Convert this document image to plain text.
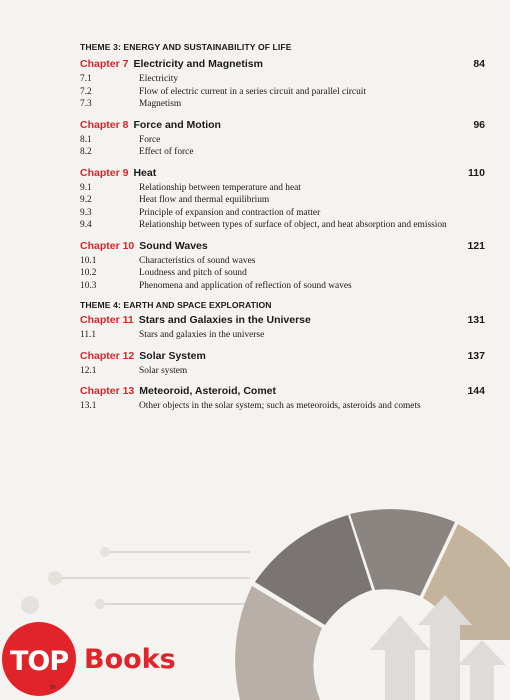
THEME 3: ENERGY AND SUSTAINABILITY OF LIFE
Chapter 7 Electricity and Magnetism	84
7.1	Electricity
7.2	Flow of electric current in a series circuit and parallel circuit
7.3	Magnetism
Chapter 8 Force and Motion	96
8.1	Force
8.2	Effect of force
Chapter 9 Heat	110
9.1	Relationship between temperature and heat
9.2	Heat flow and thermal equilibrium
9.3	Principle of expansion and contraction of matter
9.4	Relationship between types of surface of object, and heat absorption and emission
Chapter 10 Sound Waves	121
10.1	Characteristics of sound waves
10.2	Loudness and pitch of sound
10.3	Phenomena and application of reflection of sound waves
THEME 4: EARTH AND SPACE EXPLORATION
Chapter 11 Stars and Galaxies in the Universe	131
11.1	Stars and galaxies in the universe
Chapter 12 Solar System	137
12.1	Solar system
Chapter 13 Meteoroid, Asteroid, Comet	144
13.1	Other objects in the solar system; such as meteoroids, asteroids and comets
TOP Books
iv
